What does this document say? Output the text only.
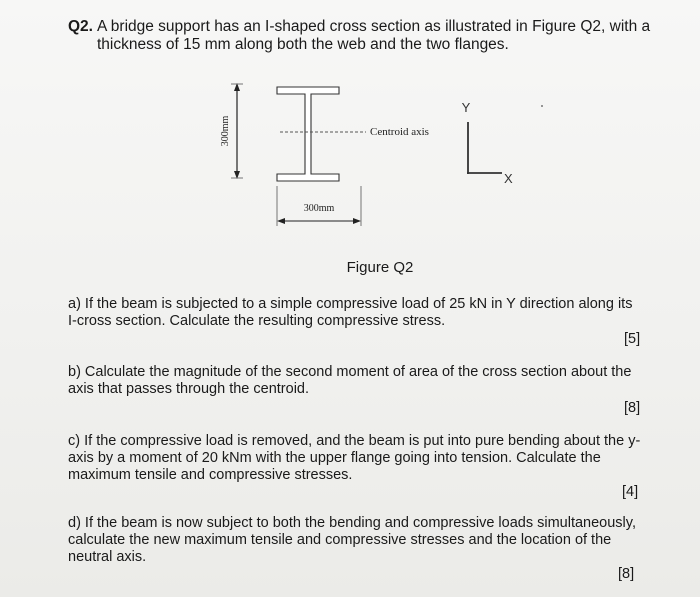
Q2. A bridge support has an I-shaped cross section as illustrated in Figure Q2, with a
thickness of 15 mm along both the web and the two flanges.
300mm	Centroid axis
300mm
Y
X
Figure Q2
a) If the beam is subjected to a simple compressive load of 25 kN in Y direction along its
I-cross section. Calculate the resulting compressive stress.
[5]
b) Calculate the magnitude of the second moment of area of the cross section about the
axis that passes through the centroid.
[8]
c) If the compressive load is removed, and the beam is put into pure bending about the y-
axis by a moment of 20 kNm with the upper flange going into tension. Calculate the
maximum tensile and compressive stresses.
[4]
d) If the beam is now subject to both the bending and compressive loads simultaneously,
calculate the new maximum tensile and compressive stresses and the location of the
neutral axis.
[8]
